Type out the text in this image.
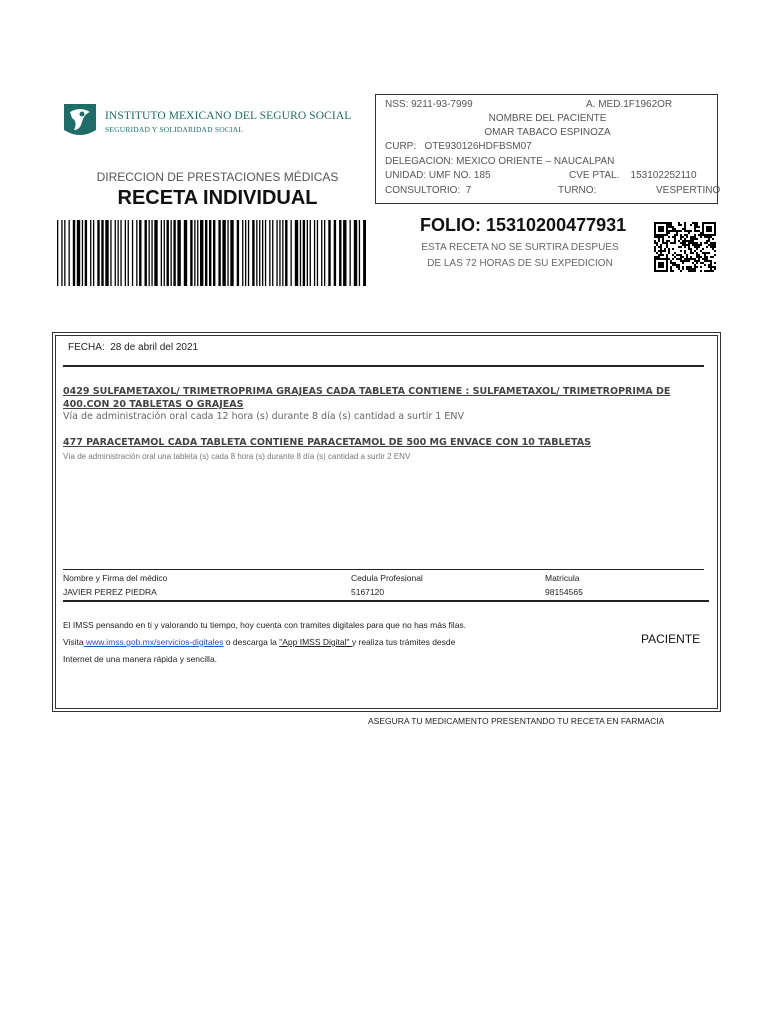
INSTITUTO MEXICANO DEL SEGURO SOCIAL
SEGURIDAD Y SOLIDARIDAD SOCIAL
DIRECCION DE PRESTACIONES MÉDICAS
RECETA INDIVIDUAL
NSS: 9211-93-7999	A. MED.1F1962OR
NOMBRE DEL PACIENTE
OMAR TABACO ESPINOZA
CURP: OTE930126HDFBSM07
DELEGACION: MEXICO ORIENTE – NAUCALPAN
UNIDAD: UMF NO. 185	CVE PTAL. 153102252110
CONSULTORIO: 7	TURNO:	VESPERTINO
FOLIO: 15310200477931
ESTA RECETA NO SE SURTIRA DESPUES
DE LAS 72 HORAS DE SU EXPEDICION
FECHA: 28 de abril del 2021
0429 SULFAMETAXOL/ TRIMETROPRIMA GRAJEAS CADA TABLETA CONTIENE : SULFAMETAXOL/ TRIMETROPRIMA DE 400.CON 20 TABLETAS O GRAJEAS
Vía de administración oral cada 12 hora (s) durante 8 día (s) cantidad a surtir 1 ENV
477 PARACETAMOL CADA TABLETA CONTIENE PARACETAMOL DE 500 MG ENVACE CON 10 TABLETAS
Vía de administración oral una tableta (s) cada 8 hora (s) durante 8 día (s) cantidad a surtir 2 ENV
Nombre y Firma del médico	Cedula Profesional	Matricula
JAVIER PEREZ PIEDRA	5167120	98154565
El IMSS pensando en ti y valorando tu tiempo, hoy cuenta con tramites digitales para que no has más filas.
Visita www.imss.gob.mx/servicios-digitales o descarga la "App IMSS Digital" y realiza tus trámites desde
Internet de una manera rápida y sencilla.
PACIENTE
ASEGURA TU MEDICAMENTO PRESENTANDO TU RECETA EN FARMACIA
